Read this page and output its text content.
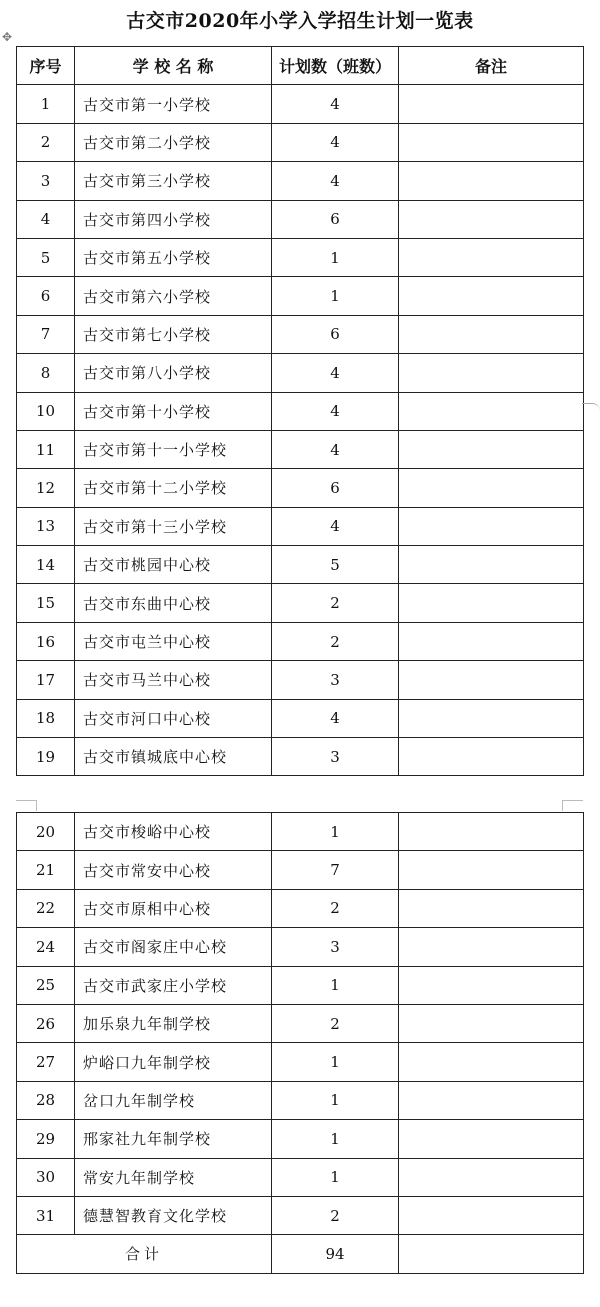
古交市2020年小学入学招生计划一览表
✥
序号	学 校 名 称	计划数（班数）	备注
1	古交市第一小学校	4	
2	古交市第二小学校	4	
3	古交市第三小学校	4	
4	古交市第四小学校	6	
5	古交市第五小学校	1	
6	古交市第六小学校	1	
7	古交市第七小学校	6	
8	古交市第八小学校	4	
10	古交市第十小学校	4	
11	古交市第十一小学校	4	
12	古交市第十二小学校	6	
13	古交市第十三小学校	4	
14	古交市桃园中心校	5	
15	古交市东曲中心校	2	
16	古交市屯兰中心校	2	
17	古交市马兰中心校	3	
18	古交市河口中心校	4	
19	古交市镇城底中心校	3	
20	古交市梭峪中心校	1	
21	古交市常安中心校	7	
22	古交市原相中心校	2	
24	古交市阁家庄中心校	3	
25	古交市武家庄小学校	1	
26	加乐泉九年制学校	2	
27	炉峪口九年制学校	1	
28	岔口九年制学校	1	
29	邢家社九年制学校	1	
30	常安九年制学校	1	
31	德慧智教育文化学校	2	
合计		94	
